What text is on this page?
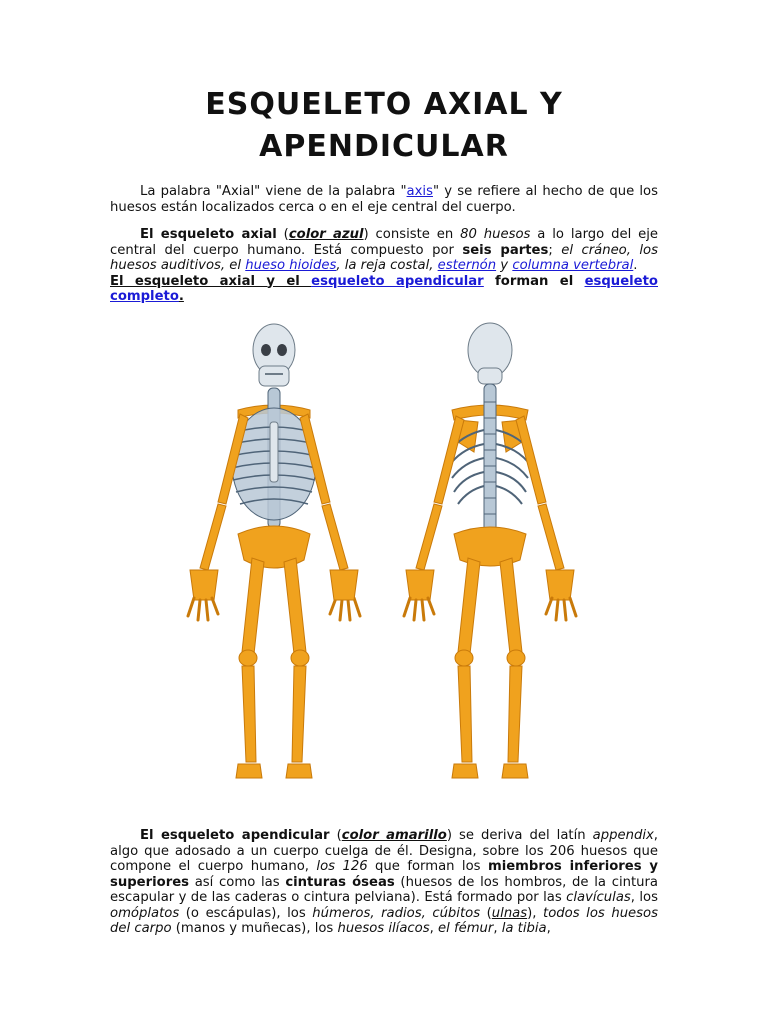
ESQUELETO AXIAL Y
APENDICULAR

La palabra "Axial" viene de la palabra "axis" y se refiere al hecho de que los huesos están localizados cerca o en el eje central del cuerpo.

El esqueleto axial (color azul) consiste en 80 huesos a lo largo del eje central del cuerpo humano. Está compuesto por seis partes; el cráneo, los huesos auditivos, el hueso hioides, la reja costal, esternón y columna vertebral.
El esqueleto axial y el esqueleto apendicular forman el esqueleto completo.

El esqueleto apendicular (color amarillo) se deriva del latín appendix, algo que adosado a un cuerpo cuelga de él. Designa, sobre los 206 huesos que compone el cuerpo humano, los 126 que forman los miembros inferiores y superiores así como las cinturas óseas (huesos de los hombros, de la cintura escapular y de las caderas o cintura pelviana). Está formado por las clavículas, los omóplatos (o escápulas), los húmeros, radios, cúbitos (ulnas), todos los huesos del carpo (manos y muñecas), los huesos ilíacos, el fémur, la tibia,
